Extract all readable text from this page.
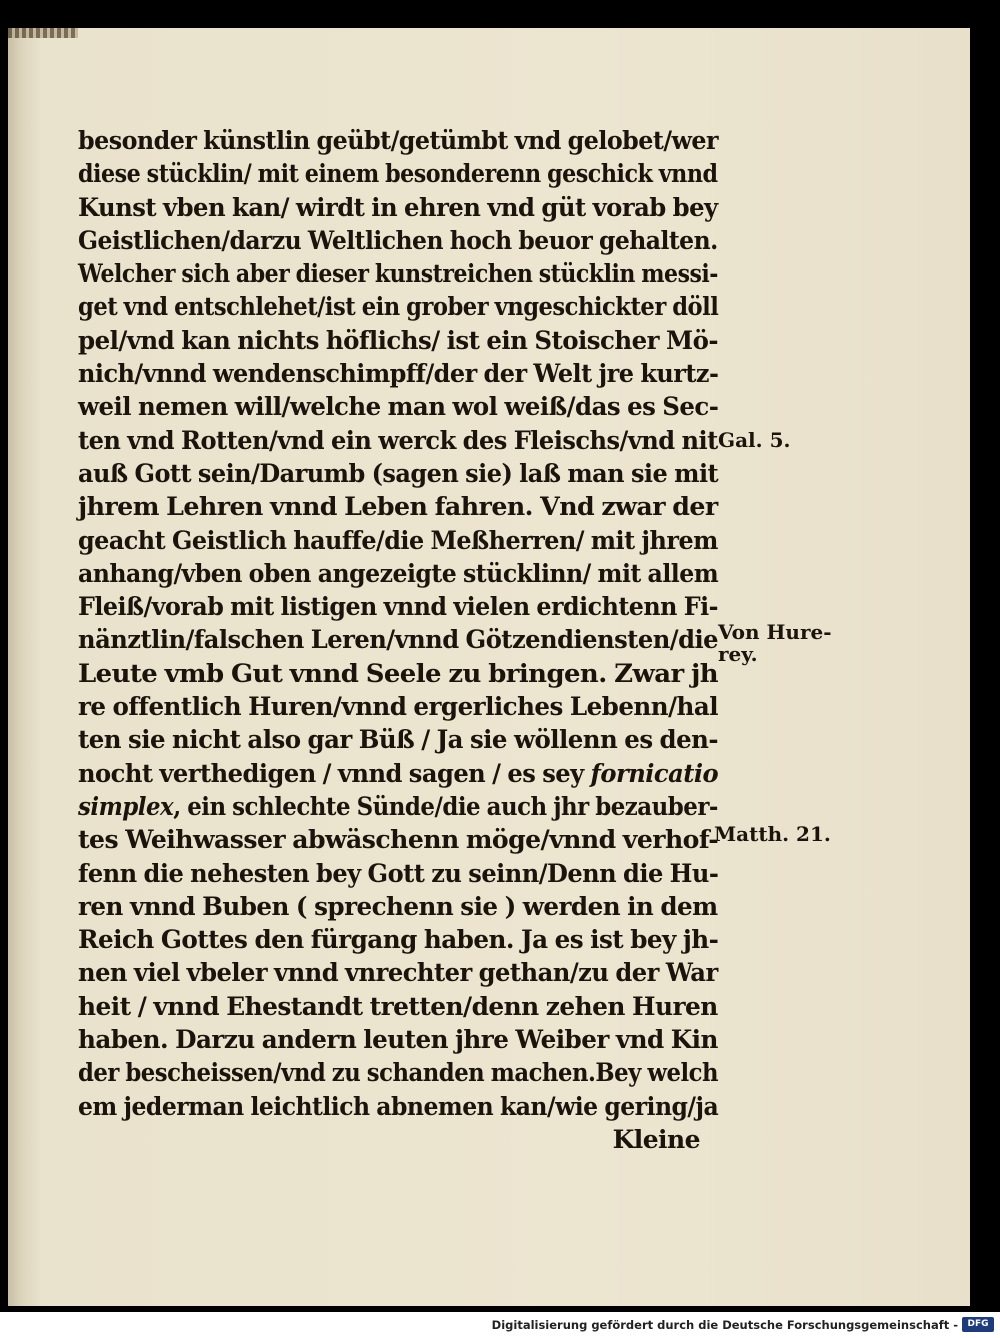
besonder künstlin geübt/getümbt vnd gelobet/wer
diese stücklin/ mit einem besonderenn geschick vnnd
Kunst vben kan/ wirdt in ehren vnd güt vorab bey
Geistlichen/darzu Weltlichen hoch beuor gehalten.
Welcher sich aber dieser kunstreichen stücklin messi-
get vnd entschlehet/ist ein grober vngeschickter döll
pel/vnd kan nichts höflichs/ ist ein Stoischer Mö-
nich/vnnd wendenschimpff/der der Welt jre kurtz-
weil nemen will/welche man wol weiß/das es Sec-
ten vnd Rotten/vnd ein werck des Fleischs/vnd nit
auß Gott sein/Darumb (sagen sie) laß man sie mit
jhrem Lehren vnnd Leben fahren. Vnd zwar der
geacht Geistlich hauffe/die Meßherren/ mit jhrem
anhang/vben oben angezeigte stücklinn/ mit allem
Fleiß/vorab mit listigen vnnd vielen erdichtenn Fi-
nänztlin/falschen Leren/vnnd Götzendiensten/die
Leute vmb Gut vnnd Seele zu bringen. Zwar jh
re offentlich Huren/vnnd ergerliches Lebenn/hal
ten sie nicht also gar Büß / Ja sie wöllenn es den-
nocht verthedigen / vnnd sagen / es sey fornicatio
simplex, ein schlechte Sünde/die auch jhr bezauber-
tes Weihwasser abwäschenn möge/vnnd verhof-
fenn die nehesten bey Gott zu seinn/Denn die Hu-
ren vnnd Buben ( sprechenn sie ) werden in dem
Reich Gottes den fürgang haben. Ja es ist bey jh-
nen viel vbeler vnnd vnrechter gethan/zu der War
heit / vnnd Ehestandt tretten/denn zehen Huren
haben. Darzu andern leuten jhre Weiber vnd Kin
der bescheissen/vnd zu schanden machen.Bey welch
em jederman leichtlich abnemen kan/wie gering/ja
Kleine
Gal. 5.
Von Hure-
rey.
Matth. 21.
Digitalisierung gefördert durch die Deutsche Forschungsgemeinschaft -	DFG
